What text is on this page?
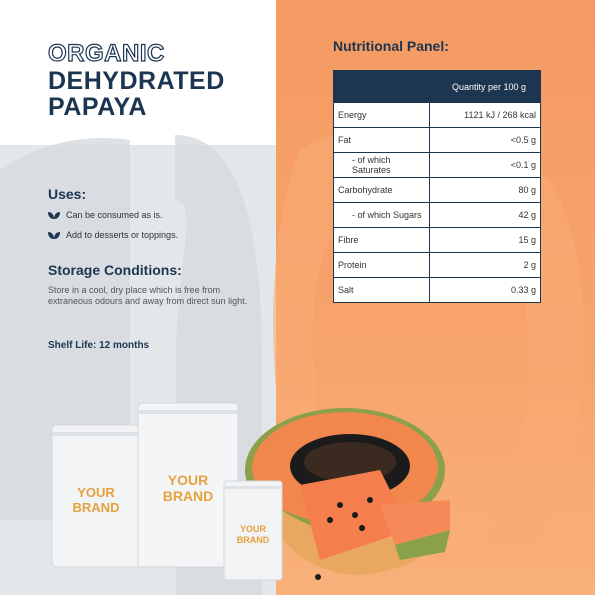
ORGANIC
DEHYDRATED
PAPAYA
Uses:
Can be consumed as is.
Add to desserts or toppings.
Storage Conditions:
Store in a cool, dry place which is free from extraneous odours and away from direct sun light.
Shelf Life: 12 months
Nutritional Panel:
	Quantity per 100 g
Energy	1121 kJ / 268 kcal
Fat	<0.5 g
- of which Saturates	<0.1 g
Carbohydrate	80 g
- of which Sugars	42 g
Fibre	15 g
Protein	2 g
Salt	0.33 g
YOUR
BRAND
YOUR
BRAND
YOUR
BRAND
